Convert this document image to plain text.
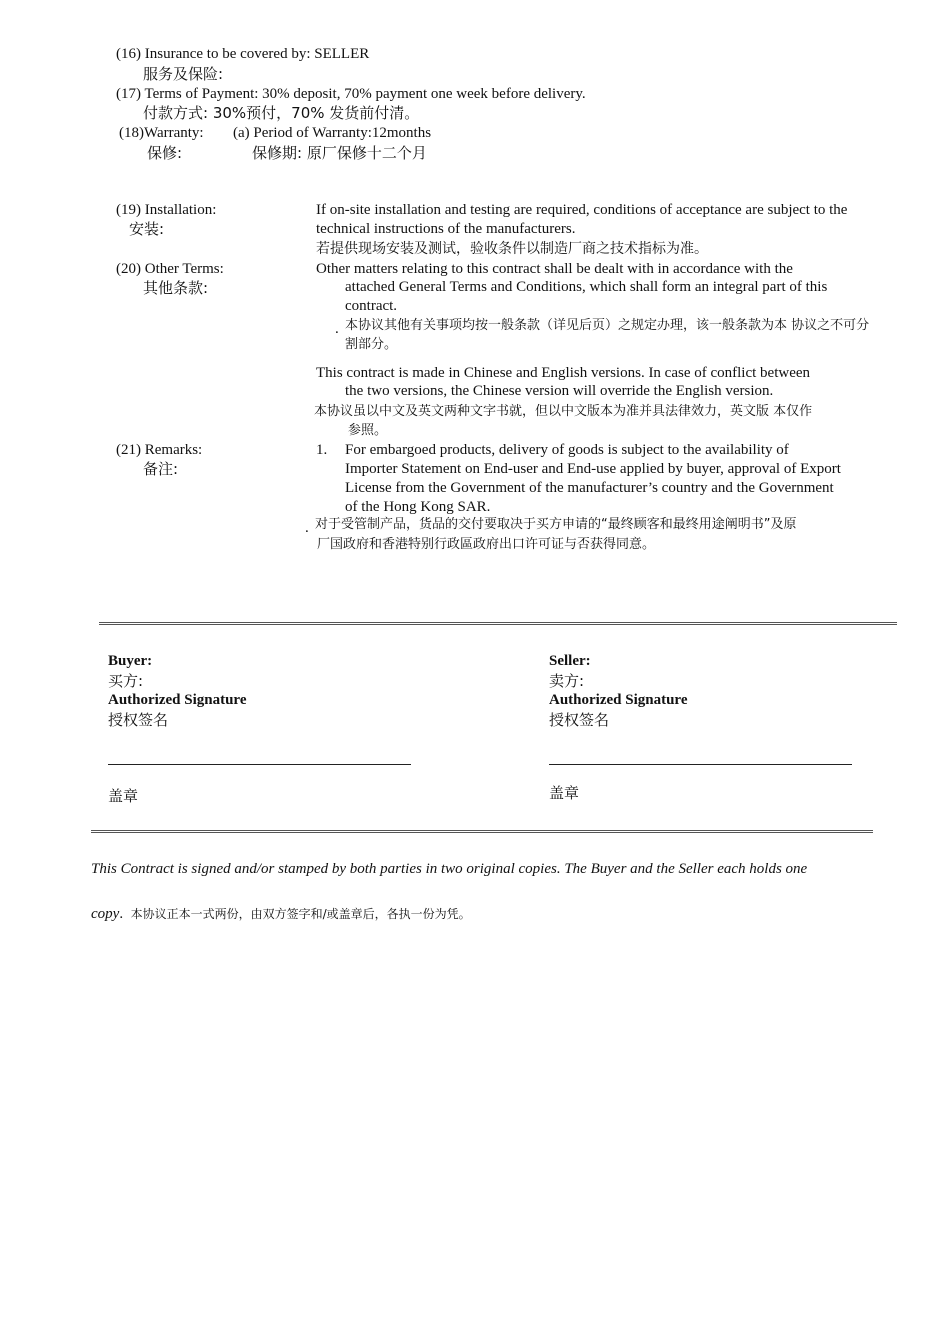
(16) Insurance to be covered by: SELLER
服务及保险:
(17) Terms of Payment: 30% deposit, 70% payment one week before delivery.
付款方式: 30%预付，70% 发货前付清。
(18)Warranty: (a) Period of Warranty:12months
保修:	保修期: 原厂保修十二个月
(19) Installation:
安装:
If on-site installation and testing are required, conditions of acceptance are subject to the technical instructions of the manufacturers.
若提供现场安装及测试，验收条件以制造厂商之技术指标为准。
(20) Other Terms:
其他条款:
Other matters relating to this contract shall be dealt with in accordance with the
attached General Terms and Conditions, which shall form an integral part of this contract.
. 本协议其他有关事项均按一般条款（详见后页）之规定办理，该一般条款为本 协议之不可分割部分。
This contract is made in Chinese and English versions. In case of conflict between
the two versions, the Chinese version will override the English version.
本协议虽以中文及英文两种文字书就，但以中文版本为准并具法律效力，英文版 本仅作
参照。
(21) Remarks:
备注:
1. For embargoed products, delivery of goods is subject to the availability of Importer Statement on End-user and End-use applied by buyer, approval of Export License from the Government of the manufacturer’s country and the Government of the Hong Kong SAR.
. 对于受管制产品，货品的交付要取决于买方申请的“最终顾客和最终用途阐明书”及原
厂国政府和香港特别行政區政府出口许可证与否获得同意。
Buyer:
买方:
Authorized Signature
授权签名
盖章
Seller:
卖方:
Authorized Signature
授权签名
盖章
This Contract is signed and/or stamped by both parties in two original copies. The Buyer and the Seller each holds one
copy.  本协议正本一式两份，由双方签字和/或盖章后，各执一份为凭。
